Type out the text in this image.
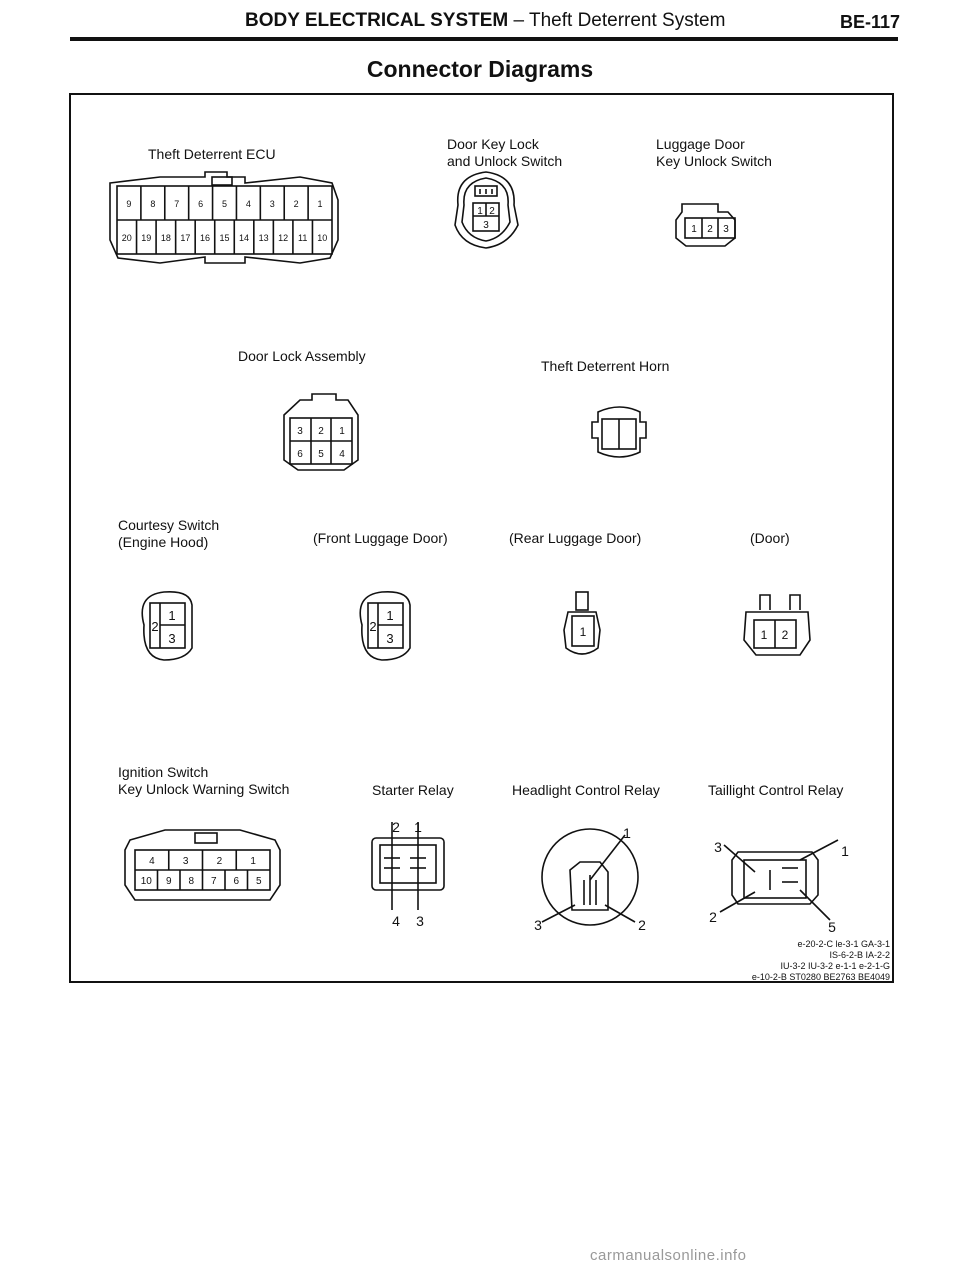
BODY ELECTRICAL SYSTEM – Theft Deterrent System	BE-117
Connector Diagrams
Theft Deterrent ECU
Door Key Lock
and Unlock Switch
Luggage Door
Key Unlock Switch
Door Lock Assembly
Theft Deterrent Horn
Courtesy Switch
(Engine Hood)	(Front Luggage Door)	(Rear Luggage Door)	(Door)
Ignition Switch
Key Unlock Warning Switch	Starter Relay	Headlight Control Relay	Taillight Control Relay
9 8 7 6 5 4 3 2 1
20 19 18 17 16 15 14 13 12 11 10
1 2
3	1 2 3
3 2 1
6 5 4
1
2
3
1
2
3	1	1 2
4	3	2	1
10 9 8 7 6 5
2 1
4 3
1
3	2
3	1
2
5
e-20-2-C le-3-1 GA-3-1
IS-6-2-B IA-2-2
IU-3-2 IU-3-2 e-1-1 e-2-1-G
e-10-2-B ST0280 BE2763 BE4049
carmanualsonline.info
